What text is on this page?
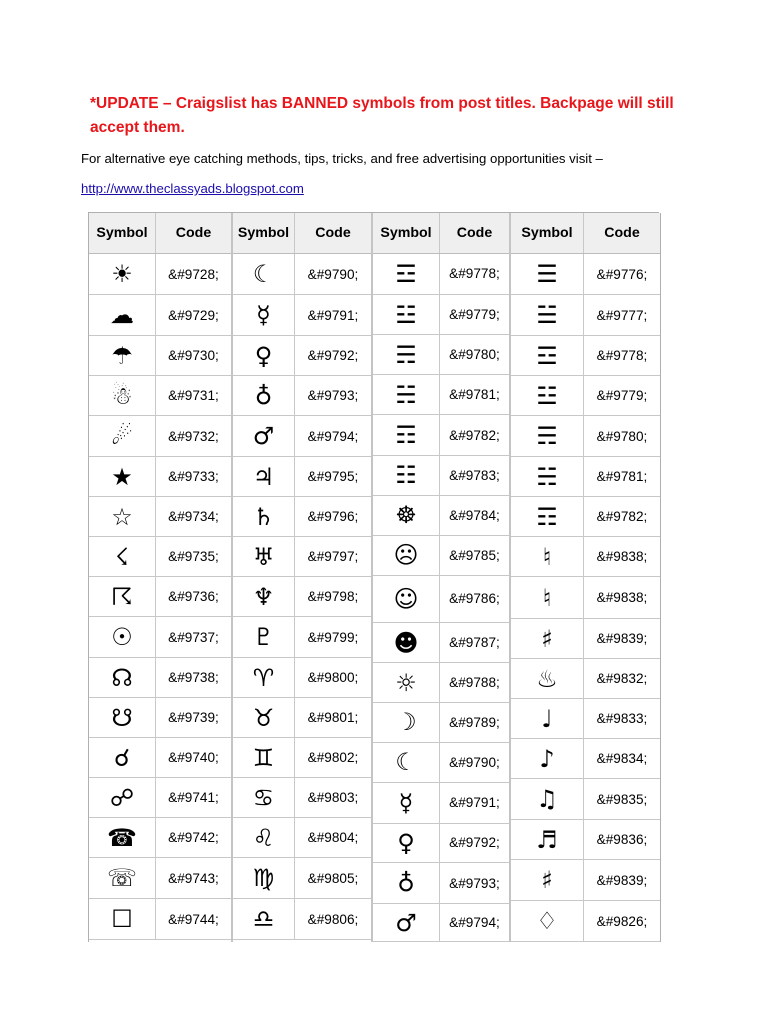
*UPDATE – Craigslist has BANNED symbols from post titles. Backpage will still
accept them.
For alternative eye catching methods, tips, tricks, and free advertising opportunities visit –
http://www.theclassyads.blogspot.com
Symbol	Code
☀	&#9728;
☁	&#9729;
☂	&#9730;
☃	&#9731;
☄	&#9732;
★	&#9733;
☆	&#9734;
☇	&#9735;
☈	&#9736;
☉	&#9737;
☊	&#9738;
☋	&#9739;
☌	&#9740;
☍	&#9741;
☎	&#9742;
☏	&#9743;
☐	&#9744;
Symbol	Code
☾	&#9790;
☿	&#9791;
♀	&#9792;
♁	&#9793;
♂	&#9794;
♃	&#9795;
♄	&#9796;
♅	&#9797;
♆	&#9798;
♇	&#9799;
♈	&#9800;
♉	&#9801;
♊	&#9802;
♋	&#9803;
♌	&#9804;
♍	&#9805;
♎	&#9806;
Symbol	Code
☲	&#9778;
☳	&#9779;
☴	&#9780;
☵	&#9781;
☶	&#9782;
☷	&#9783;
☸	&#9784;
☹	&#9785;
☺	&#9786;
☻	&#9787;
☼	&#9788;
☽	&#9789;
☾	&#9790;
☿	&#9791;
♀	&#9792;
♁	&#9793;
♂	&#9794;
Symbol	Code
☰	&#9776;
☱	&#9777;
☲	&#9778;
☳	&#9779;
☴	&#9780;
☵	&#9781;
☶	&#9782;
♮	&#9838;
♮	&#9838;
♯	&#9839;
♨	&#9832;
♩	&#9833;
♪	&#9834;
♫	&#9835;
♬	&#9836;
♯	&#9839;
♢	&#9826;
